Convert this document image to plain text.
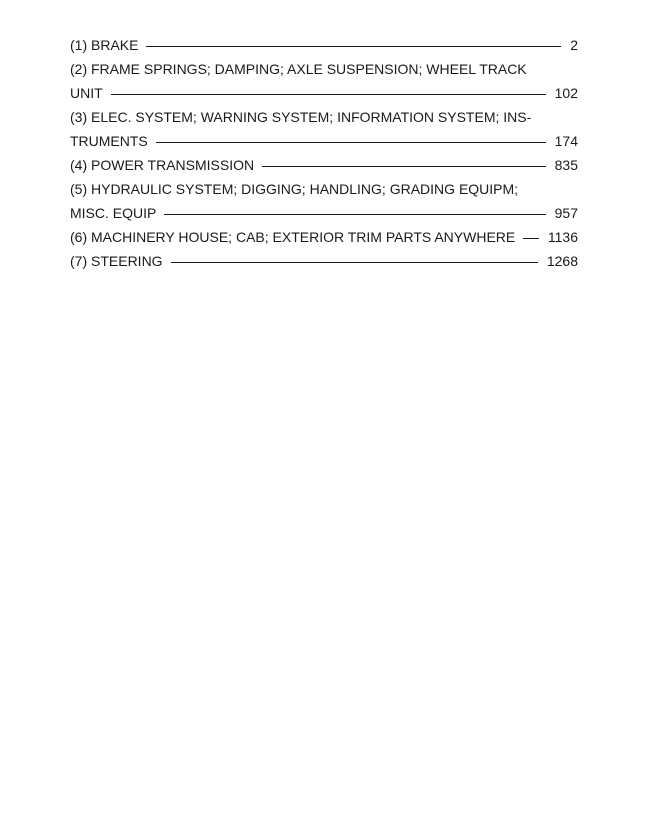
(1) BRAKE	2
(2) FRAME SPRINGS; DAMPING; AXLE SUSPENSION; WHEEL TRACK
UNIT	102
(3) ELEC. SYSTEM; WARNING SYSTEM; INFORMATION SYSTEM; INS-
TRUMENTS	174
(4) POWER TRANSMISSION	835
(5) HYDRAULIC SYSTEM; DIGGING; HANDLING; GRADING EQUIPM;
MISC. EQUIP	957
(6) MACHINERY HOUSE; CAB; EXTERIOR TRIM PARTS ANYWHERE 1136
(7) STEERING	1268
